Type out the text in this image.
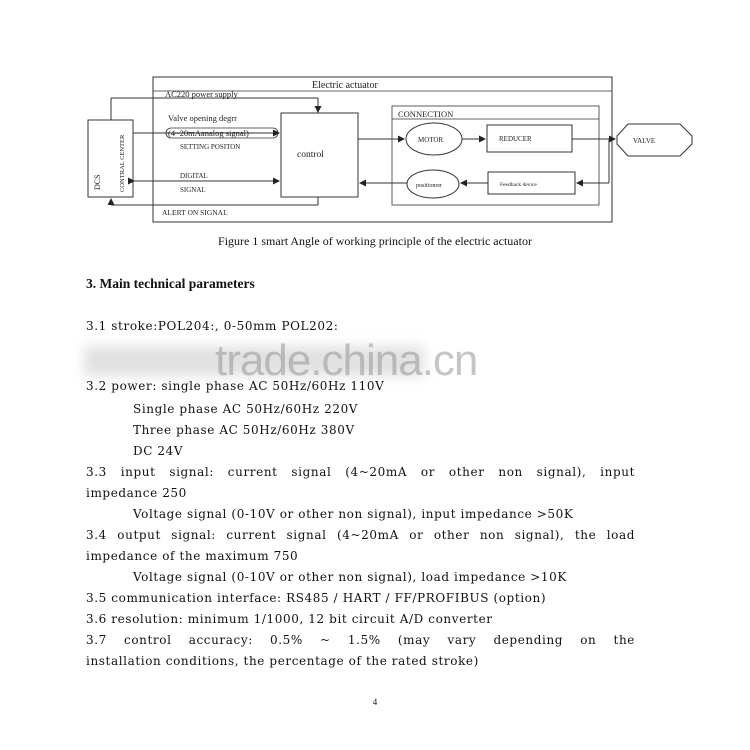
Electric actuator
CONNECTION
DCS	CONTRAL CENTER	control
MOTOR	REDUCER	VALVE
positionrer	Feedback device
AC220 power supply
Valve opening degrr
(4~20mAanalog signal)
SETTING POSITON
DIGITAL
SIGNAL
ALERT ON SIGNAL
Figure 1 smart Angle of working principle of the electric actuator
3. Main technical parameters
3.1 stroke:POL204:, 0-50mm POL202:
trade.china.cn
3.2 power: single phase AC 50Hz/60Hz 110V
Single phase AC 50Hz/60Hz 220V
Three phase AC 50Hz/60Hz 380V
DC 24V
3.3 input signal: current signal (4~20mA or other non signal), input
impedance 250
Voltage signal (0-10V or other non signal), input impedance >50K
3.4 output signal: current signal (4~20mA or other non signal), the load
impedance of the maximum 750
Voltage signal (0-10V or other non signal), load impedance >10K
3.5 communication interface: RS485 / HART / FF/PROFIBUS (option)
3.6 resolution: minimum 1/1000, 12 bit circuit A/D converter
3.7 control accuracy: 0.5% ~ 1.5% (may vary depending on the
installation conditions, the percentage of the rated stroke)
4
